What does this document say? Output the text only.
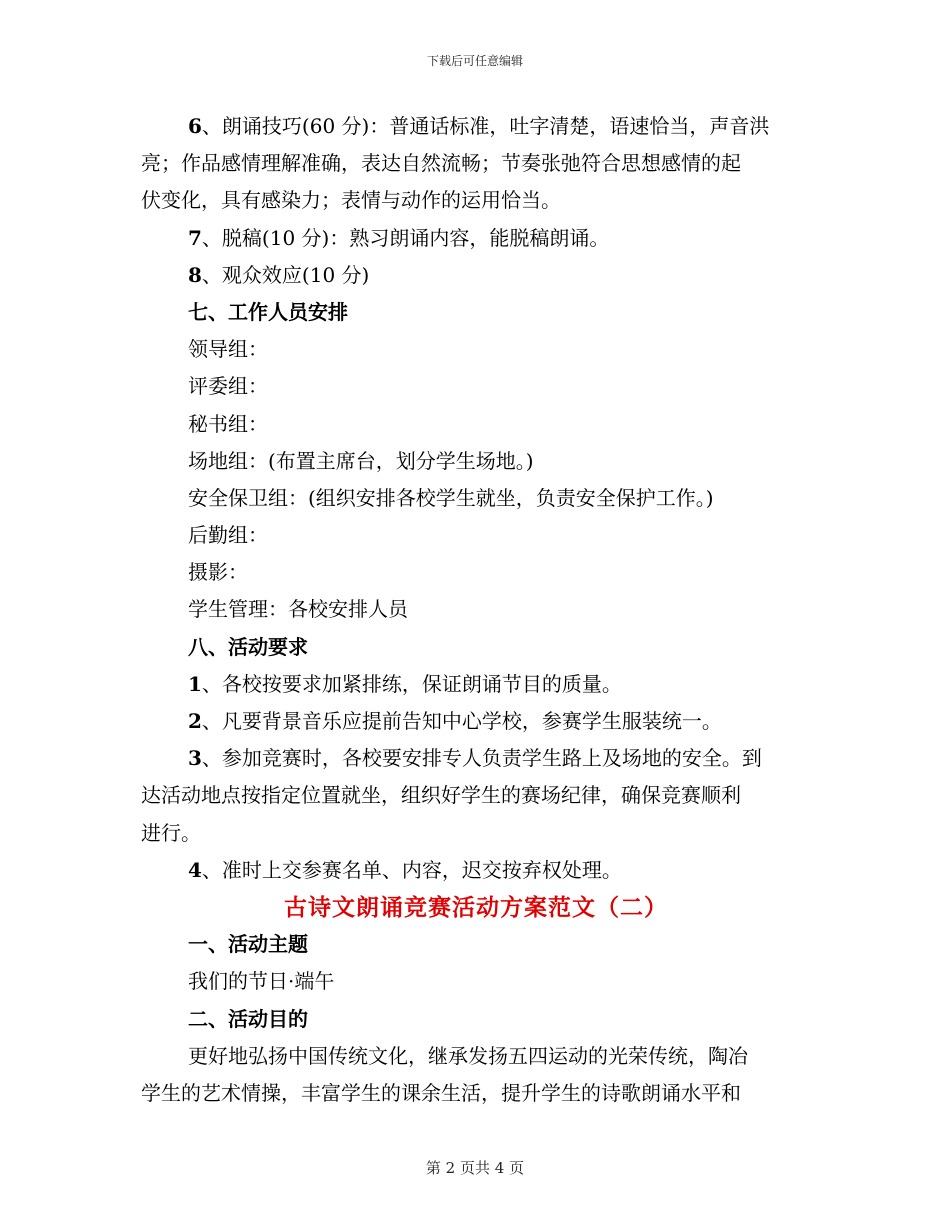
下载后可任意编辑
6、朗诵技巧(60 分)：普通话标准，吐字清楚，语速恰当，声音洪
亮；作品感情理解准确，表达自然流畅；节奏张弛符合思想感情的起
伏变化，具有感染力；表情与动作的运用恰当。
7、脱稿(10 分)：熟习朗诵内容，能脱稿朗诵。
8、观众效应(10 分)
七、工作人员安排
领导组：
评委组：
秘书组：
场地组：(布置主席台，划分学生场地。)
安全保卫组：(组织安排各校学生就坐，负责安全保护工作。)
后勤组：
摄影：
学生管理：各校安排人员
八、活动要求
1、各校按要求加紧排练，保证朗诵节目的质量。
2、凡要背景音乐应提前告知中心学校，参赛学生服装统一。
3、参加竞赛时，各校要安排专人负责学生路上及场地的安全。到
达活动地点按指定位置就坐，组织好学生的赛场纪律，确保竞赛顺利
进行。
4、准时上交参赛名单、内容，迟交按弃权处理。
古诗文朗诵竞赛活动方案范文（二）
一、活动主题
我们的节日·端午
二、活动目的
更好地弘扬中国传统文化，继承发扬五四运动的光荣传统，陶冶
学生的艺术情操，丰富学生的课余生活，提升学生的诗歌朗诵水平和
第 2 页共 4 页
